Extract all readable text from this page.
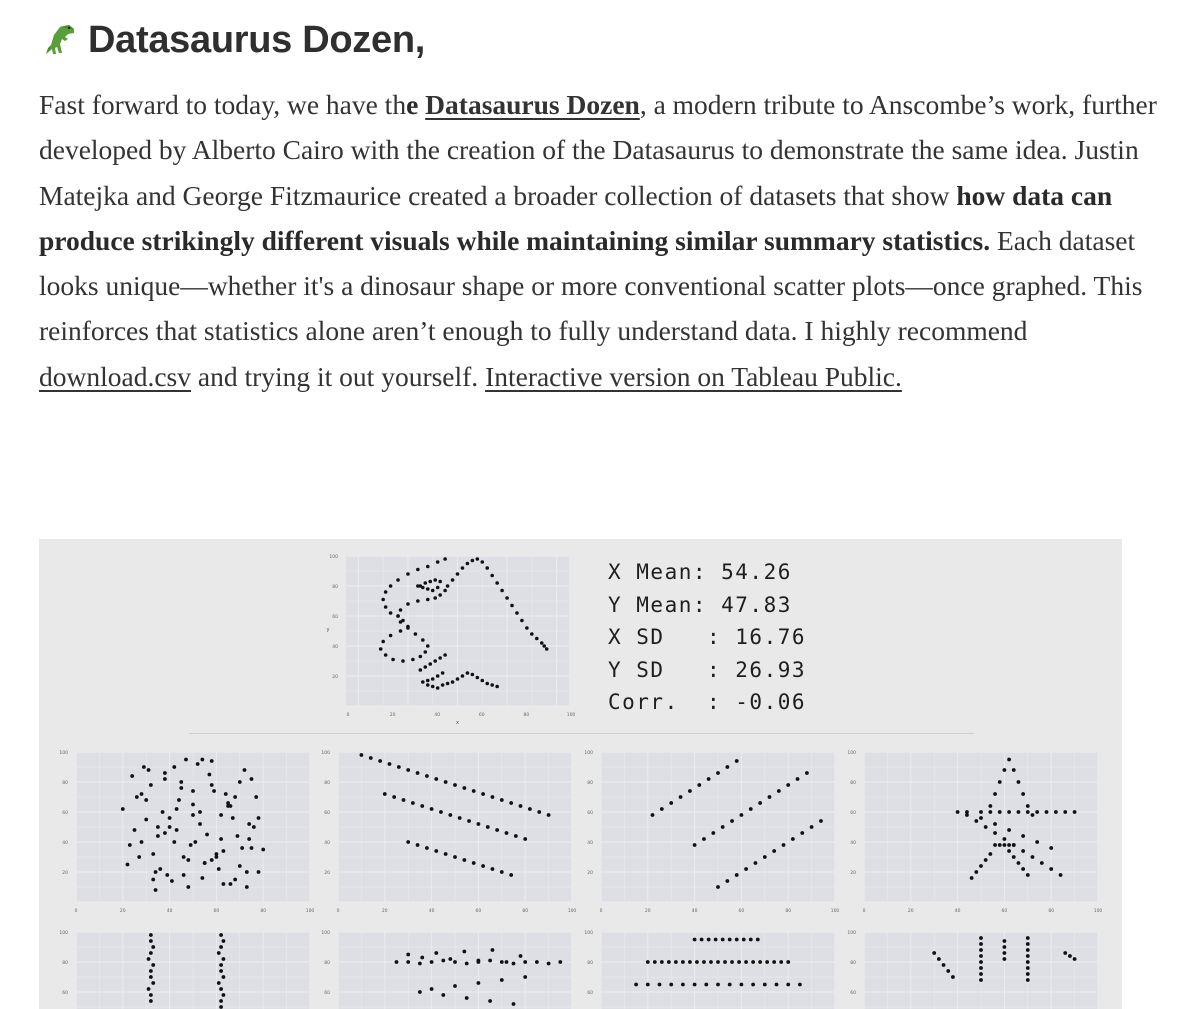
Datasaurus Dozen,

Fast forward to today, we have the Datasaurus Dozen, a modern tribute to Anscombe’s work, further developed by Alberto Cairo with the creation of the Datasaurus to demonstrate the same idea. Justin Matejka and George Fitzmaurice created a broader collection of datasets that show how data can produce strikingly different visuals while maintaining similar summary statistics. Each dataset looks unique—whether it's a dinosaur shape or more conventional scatter plots—once graphed. This reinforces that statistics alone aren’t enough to fully understand data. I highly recommend download.csv and trying it out yourself. Interactive version on Tableau Public.

20
40
60
80
100
0	20	40	60	80	100
x
y
20
40
60
80
100
0	20	40	60	80	100
20
40
60
80
100
0	20	40	60	80	100
20
40
60
80
100
0	20	40	60	80	100
20
40
60
80
100
0	20	40	60	80	100
60
80
100
60
80
100
60
80
100
60
80
100
X Mean: 54.26
Y Mean: 47.83
X SD   : 16.76
Y SD   : 26.93
Corr.  : -0.06
